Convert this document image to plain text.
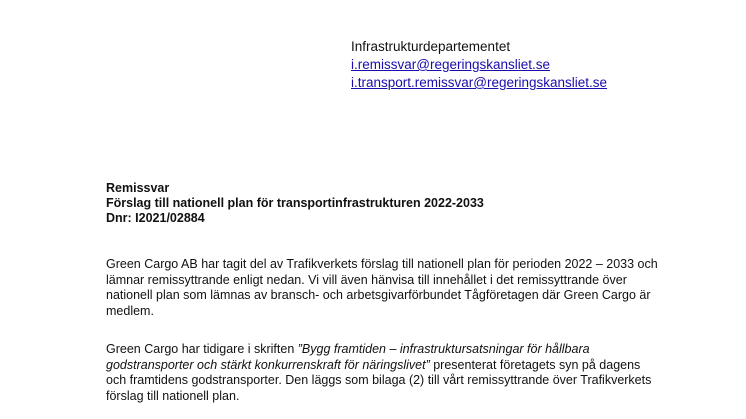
Infrastrukturdepartementet
i.remissvar@regeringskansliet.se
i.transport.remissvar@regeringskansliet.se
Remissvar
Förslag till nationell plan för transportinfrastrukturen 2022-2033
Dnr: I2021/02884
Green Cargo AB har tagit del av Trafikverkets förslag till nationell plan för perioden 2022 – 2033 och
lämnar remissyttrande enligt nedan. Vi vill även hänvisa till innehållet i det remissyttrande över
nationell plan som lämnas av bransch- och arbetsgivarförbundet Tågföretagen där Green Cargo är
medlem.
Green Cargo har tidigare i skriften ”Bygg framtiden – infrastruktursatsningar för hållbara
godstransporter och stärkt konkurrenskraft för näringslivet” presenterat företagets syn på dagens
och framtidens godstransporter. Den läggs som bilaga (2) till vårt remissyttrande över Trafikverkets
förslag till nationell plan.
